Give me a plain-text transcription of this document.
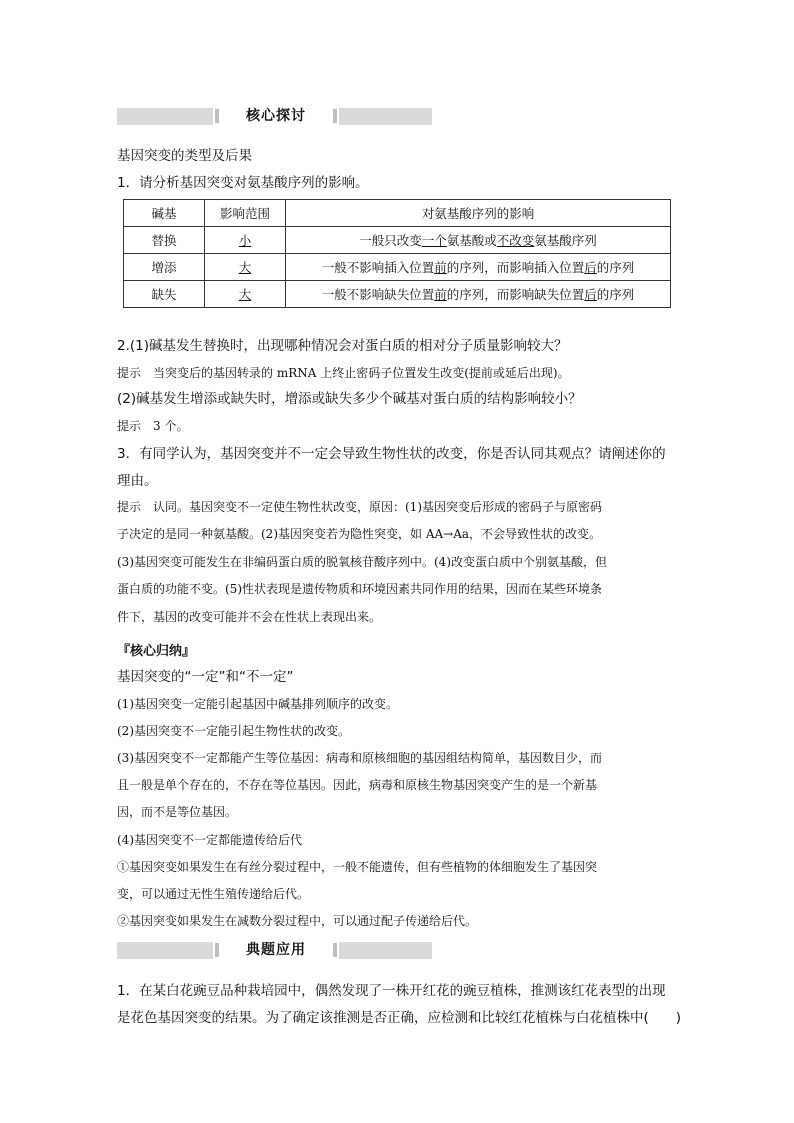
核心探讨
基因突变的类型及后果
1．请分析基因突变对氨基酸序列的影响。
碱基	影响范围	对氨基酸序列的影响
替换	小	一般只改变一个氨基酸或不改变氨基酸序列
增添	大	一般不影响插入位置前的序列，而影响插入位置后的序列
缺失	大	一般不影响缺失位置前的序列，而影响缺失位置后的序列
2.(1)碱基发生替换时，出现哪种情况会对蛋白质的相对分子质量影响较大？
提示　当突变后的基因转录的 mRNA 上终止密码子位置发生改变(提前或延后出现)。
(2)碱基发生增添或缺失时，增添或缺失多少个碱基对蛋白质的结构影响较小？
提示　3 个。
3．有同学认为，基因突变并不一定会导致生物性状的改变，你是否认同其观点？请阐述你的
理由。
提示　认同。基因突变不一定使生物性状改变，原因：(1)基因突变后形成的密码子与原密码
子决定的是同一种氨基酸。(2)基因突变若为隐性突变，如 AA→Aa，不会导致性状的改变。
(3)基因突变可能发生在非编码蛋白质的脱氧核苷酸序列中。(4)改变蛋白质中个别氨基酸，但
蛋白质的功能不变。(5)性状表现是遗传物质和环境因素共同作用的结果，因而在某些环境条
件下，基因的改变可能并不会在性状上表现出来。
『核心归纳』
基因突变的“一定”和“不一定”
(1)基因突变一定能引起基因中碱基排列顺序的改变。
(2)基因突变不一定能引起生物性状的改变。
(3)基因突变不一定都能产生等位基因：病毒和原核细胞的基因组结构简单，基因数目少，而
且一般是单个存在的，不存在等位基因。因此，病毒和原核生物基因突变产生的是一个新基
因，而不是等位基因。
(4)基因突变不一定都能遗传给后代
①基因突变如果发生在有丝分裂过程中，一般不能遗传，但有些植物的体细胞发生了基因突
变，可以通过无性生殖传递给后代。
②基因突变如果发生在减数分裂过程中，可以通过配子传递给后代。
典题应用
1．在某白花豌豆品种栽培园中，偶然发现了一株开红花的豌豆植株，推测该红花表型的出现
是花色基因突变的结果。为了确定该推测是否正确，应检测和比较红花植株与白花植株中(　　)
